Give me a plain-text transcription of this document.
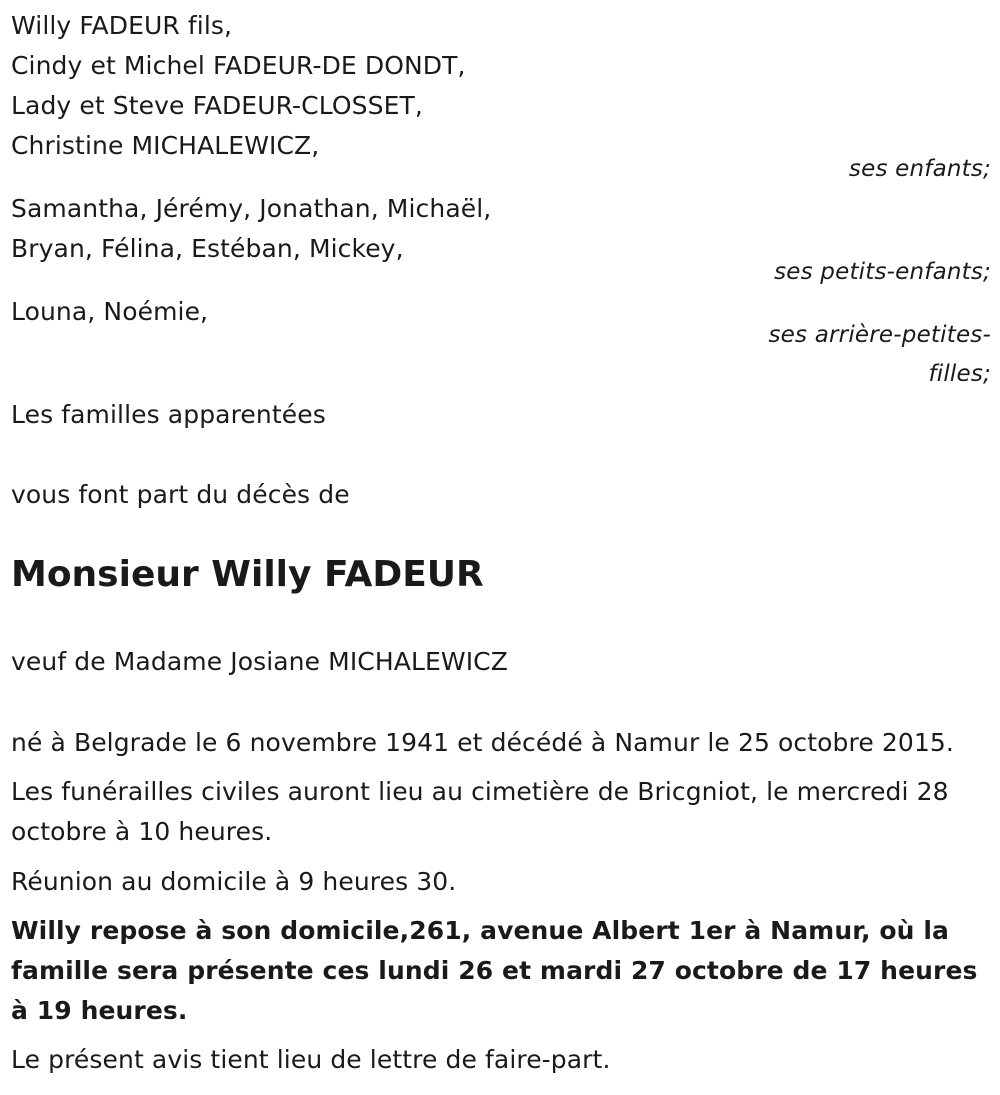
Willy FADEUR fils,
Cindy et Michel FADEUR-DE DONDT,
Lady et Steve FADEUR-CLOSSET,
Christine MICHALEWICZ,
ses enfants;
Samantha, Jérémy, Jonathan, Michaël,
Bryan, Félina, Estéban, Mickey,
ses petits-enfants;
Louna, Noémie,
ses arrière-petites-
filles;
Les familles apparentées
vous font part du décès de
Monsieur Willy FADEUR
veuf de Madame Josiane MICHALEWICZ
né à Belgrade le 6 novembre 1941 et décédé à Namur le 25 octobre 2015.
Les funérailles civiles auront lieu au cimetière de Bricgniot, le mercredi 28 octobre à 10 heures.
Réunion au domicile à 9 heures 30.
Willy repose à son domicile,261, avenue Albert 1er à Namur, où la famille sera présente ces lundi 26 et mardi 27 octobre de 17 heures à 19 heures.
Le présent avis tient lieu de lettre de faire-part.
